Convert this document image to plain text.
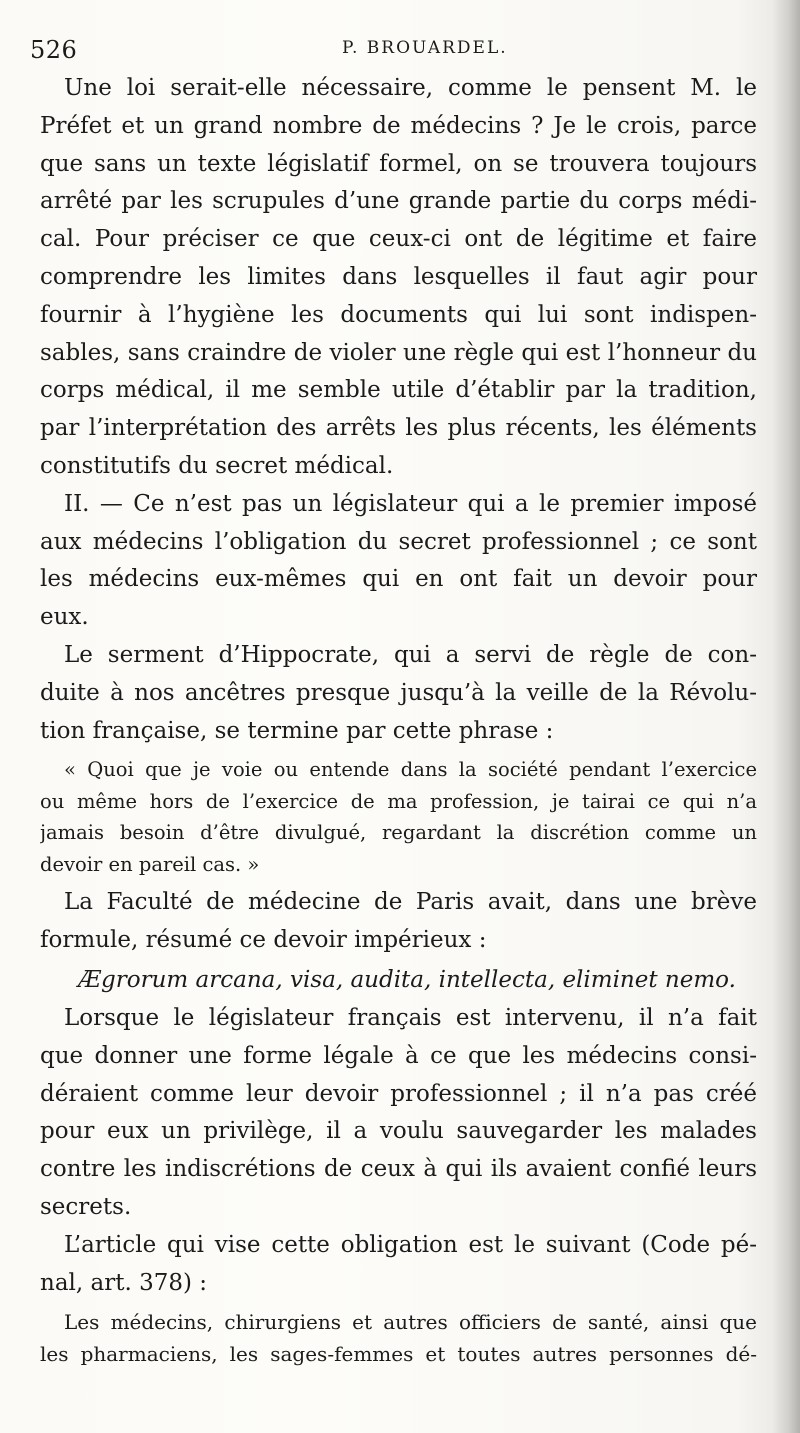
526	P. BROUARDEL.
Une loi serait-elle nécessaire, comme le pensent M. le
Préfet et un grand nombre de médecins ? Je le crois, parce
que sans un texte législatif formel, on se trouvera toujours
arrêté par les scrupules d’une grande partie du corps médi-
cal. Pour préciser ce que ceux-ci ont de légitime et faire
comprendre les limites dans lesquelles il faut agir pour
fournir à l’hygiène les documents qui lui sont indispen-
sables, sans craindre de violer une règle qui est l’honneur du
corps médical, il me semble utile d’établir par la tradition,
par l’interprétation des arrêts les plus récents, les éléments
constitutifs du secret médical.
II. — Ce n’est pas un législateur qui a le premier imposé
aux médecins l’obligation du secret professionnel ; ce sont
les médecins eux-mêmes qui en ont fait un devoir pour
eux.
Le serment d’Hippocrate, qui a servi de règle de con-
duite à nos ancêtres presque jusqu’à la veille de la Révolu-
tion française, se termine par cette phrase :
« Quoi que je voie ou entende dans la société pendant l’exercice
ou même hors de l’exercice de ma profession, je tairai ce qui n’a
jamais besoin d’être divulgué, regardant la discrétion comme un
devoir en pareil cas. »
La Faculté de médecine de Paris avait, dans une brève
formule, résumé ce devoir impérieux :
Ægrorum arcana, visa, audita, intellecta, eliminet nemo.
Lorsque le législateur français est intervenu, il n’a fait
que donner une forme légale à ce que les médecins consi-
déraient comme leur devoir professionnel ; il n’a pas créé
pour eux un privilège, il a voulu sauvegarder les malades
contre les indiscrétions de ceux à qui ils avaient confié leurs
secrets.
L’article qui vise cette obligation est le suivant (Code pé-
nal, art. 378) :
Les médecins, chirurgiens et autres officiers de santé, ainsi que
les pharmaciens, les sages-femmes et toutes autres personnes dé-
